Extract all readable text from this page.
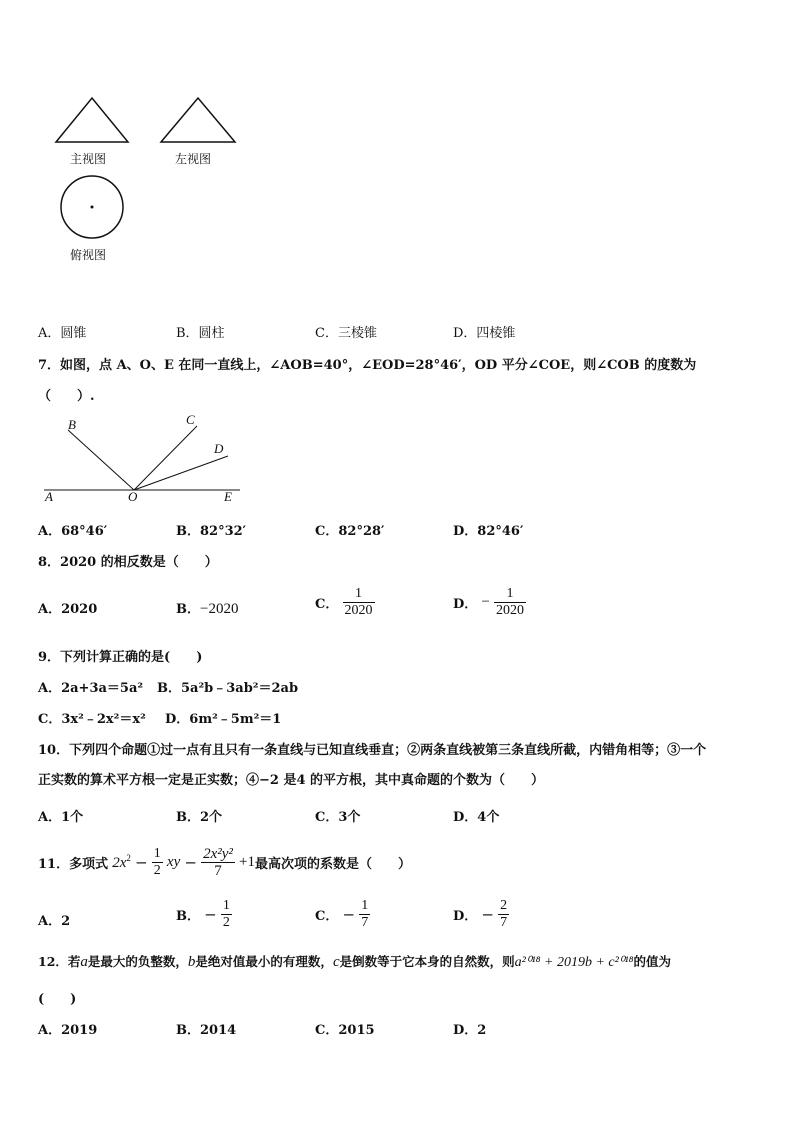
主视图	左视图
俯视图
A．圆锥	B．圆柱	C．三棱锥	D．四棱锥
7．如图，点 A、O、E 在同一直线上，∠AOB=40°，∠EOD=28°46′，OD 平分∠COE，则∠COB 的度数为
（　　）.
B	C
D
A	O	E
A．68°46′	B．82°32′	C．82°28′	D．82°46′
8．2020 的相反数是（　　）
A．2020	B．−2020	C． $\frac{1}{2020}$	D． − $\frac{1}{2020}$
9．下列计算正确的是(　　)
A．2a+3a＝5a² B．5a²b﹣3ab²＝2ab
C．3x²﹣2x²＝x² D．6m²﹣5m²＝1
10．下列四个命题①过一点有且只有一条直线与已知直线垂直；②两条直线被第三条直线所截，内错角相等；③一个
正实数的算术平方根一定是正实数；④−2 是4 的平方根，其中真命题的个数为（　　）
A．1个	B．2个	C．3个	D．4个
11．多项式 $2x^2 - \frac{1}{2}$ xy − $\frac{\text{2x²y²}}{7} +1$最高次项的系数是（　　）
A．2	B． − $\frac{1}{2}$	C． − $\frac{1}{7}$	D． − $\frac{2}{7}$
12．若a是最大的负整数，b是绝对值最小的有理数，c是倒数等于它本身的自然数，则a²⁰¹⁸ + 2019b + c²⁰¹⁸的值为
(　　)
A．2019	B．2014	C．2015	D．2
